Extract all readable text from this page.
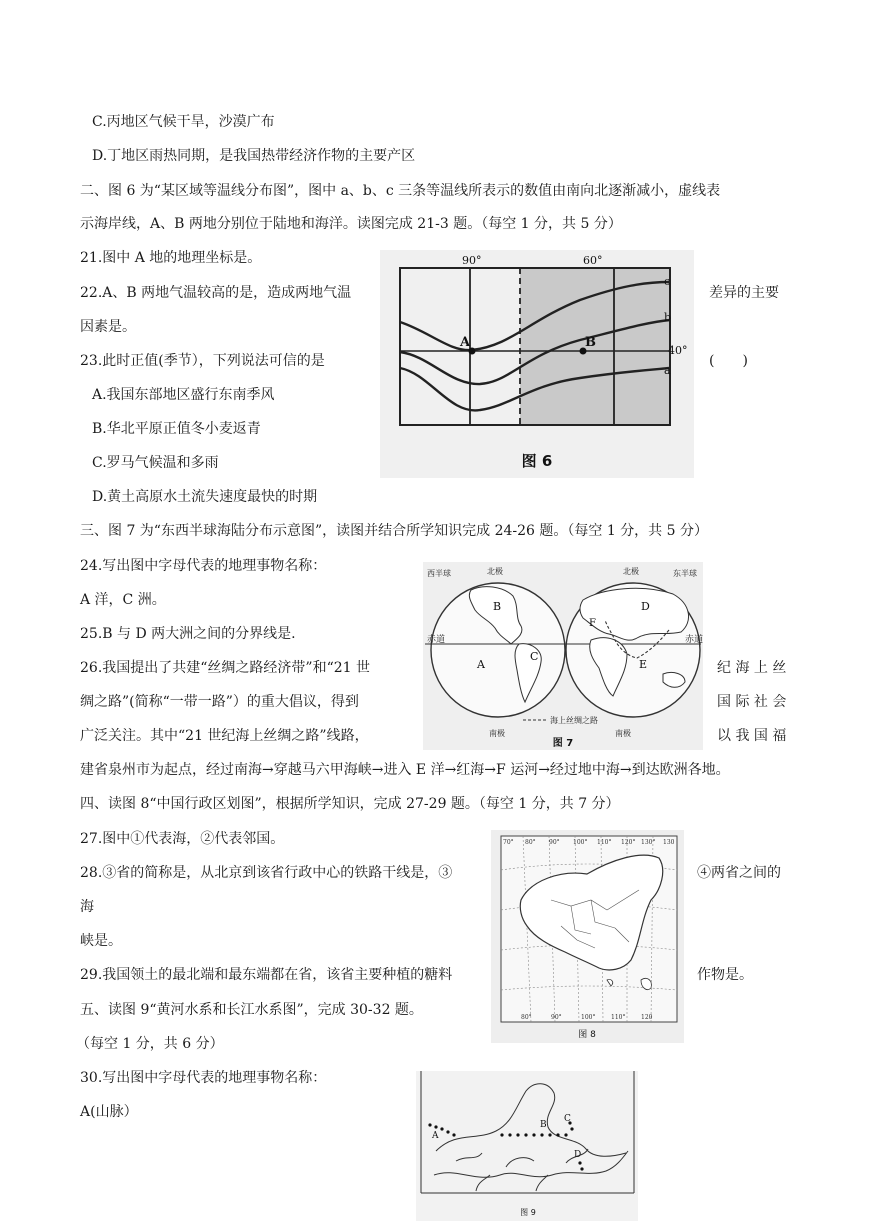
C.丙地区气候干旱，沙漠广布
D.丁地区雨热同期，是我国热带经济作物的主要产区
二、图 6 为“某区域等温线分布图”，图中 a、b、c 三条等温线所表示的数值由南向北逐渐减小，虚线表
示海岸线，A、B 两地分别位于陆地和海洋。读图完成 21-3 题。（每空 1 分，共 5 分）
21.图中 A 地的地理坐标是。
22.A、B 两地气温较高的是，造成两地气温	差异的主要
因素是。
23.此时正值(季节），下列说法可信的是	(　　)
A.我国东部地区盛行东南季风
B.华北平原正值冬小麦返青
C.罗马气候温和多雨
D.黄土高原水土流失速度最快的时期
三、图 7 为“东西半球海陆分布示意图”，读图并结合所学知识完成 24-26 题。（每空 1 分，共 5 分）
24.写出图中字母代表的地理事物名称：
A 洋，C 洲。
25.B 与 D 两大洲之间的分界线是.
26.我国提出了共建“丝绸之路经济带”和“21 世	纪 海 上 丝
绸之路”(简称“一带一路”）的重大倡议，得到	国 际 社 会
广泛关注。其中“21 世纪海上丝绸之路”线路，	以 我 国 福
建省泉州市为起点，经过南海→穿越马六甲海峡→进入 E 洋→红海→F 运河→经过地中海→到达欧洲各地。
四、读图 8“中国行政区划图”，根据所学知识，完成 27-29 题。（每空 1 分，共 7 分）
27.图中①代表海，②代表邻国。
28.③省的简称是，从北京到该省行政中心的铁路干线是，③	④两省之间的
海
峡是。
29.我国领土的最北端和最东端都在省，该省主要种植的糖料	作物是。
五、读图 9“黄河水系和长江水系图”，完成 30-32 题。
（每空 1 分，共 6 分）
30.写出图中字母代表的地理事物名称：
A(山脉）
A	B
90°	60°
40°
c
b
a
图 6
西半球	东半球
北极	北极
南极	南极
赤道	赤道
B
A
C
D
F
E
海上丝绸之路
图 7
70° 80° 90° 100° 110° 120° 130° 130
80°	90°	100°	110°	120
图 8
A
B
C
D
图 9
